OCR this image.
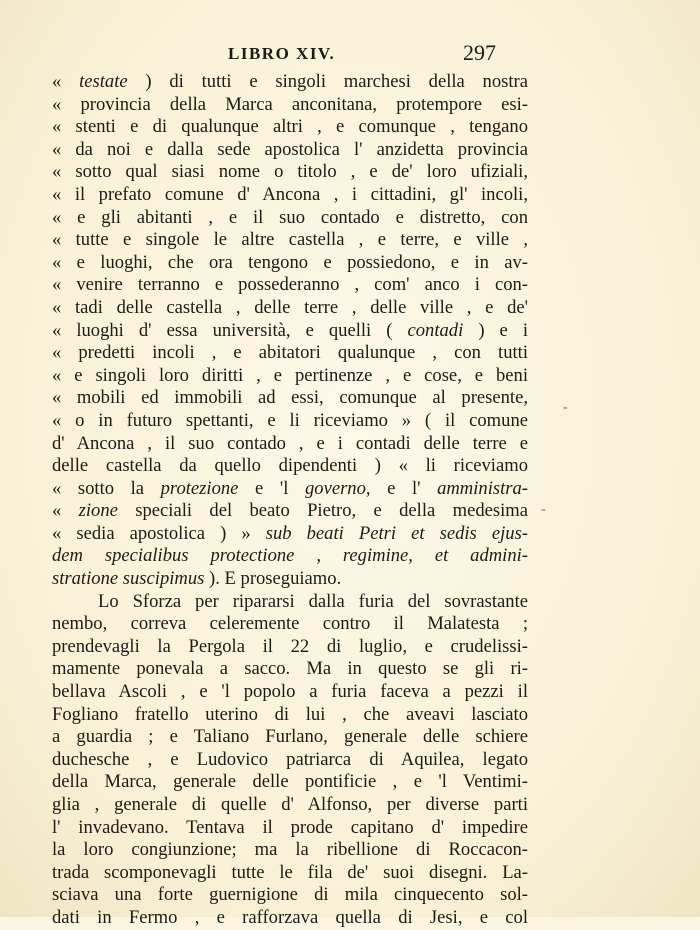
LIBRO XIV.	297
« testate ) di tutti e singoli marchesi della nostra
« provincia della Marca anconitana, protempore esi-
« stenti e di qualunque altri , e comunque , tengano
« da noi e dalla sede apostolica l' anzidetta provincia
« sotto qual siasi nome o titolo , e de' loro ufiziali,
« il prefato comune d' Ancona , i cittadini, gl' incoli,
« e gli abitanti , e il suo contado e distretto, con
« tutte e singole le altre castella , e terre, e ville ,
« e luoghi, che ora tengono e possiedono, e in av-
« venire terranno e possederanno , com' anco i con-
« tadi delle castella , delle terre , delle ville , e de'
« luoghi d' essa università, e quelli ( contadi ) e i
« predetti incoli , e abitatori qualunque , con tutti
« e singoli loro diritti , e pertinenze , e cose, e beni
« mobili ed immobili ad essi, comunque al presente,
« o in futuro spettanti, e li riceviamo » ( il comune
d' Ancona , il suo contado , e i contadi delle terre e
delle castella da quello dipendenti ) « li riceviamo
« sotto la protezione e 'l governo, e l' amministra-
« zione speciali del beato Pietro, e della medesima
« sedia apostolica ) » sub beati Petri et sedis ejus-
dem specialibus protectione , regimine, et admini-
stratione suscipimus ). E proseguiamo.
Lo Sforza per ripararsi dalla furia del sovrastante
nembo, correva celeremente contro il Malatesta ;
prendevagli la Pergola il 22 di luglio, e crudelissi-
mamente ponevala a sacco. Ma in questo se gli ri-
bellava Ascoli , e 'l popolo a furia faceva a pezzi il
Fogliano fratello uterino di lui , che aveavi lasciato
a guardia ; e Taliano Furlano, generale delle schiere
duchesche , e Ludovico patriarca di Aquilea, legato
della Marca, generale delle pontificie , e 'l Ventimi-
glia , generale di quelle d' Alfonso, per diverse parti
l' invadevano. Tentava il prode capitano d' impedire
la loro congiunzione; ma la ribellione di Roccacon-
trada scomponevagli tutte le fila de' suoi disegni. La-
sciava una forte guernigione di mila cinquecento sol-
dati in Fermo , e rafforzava quella di Jesi, e col
-
-
